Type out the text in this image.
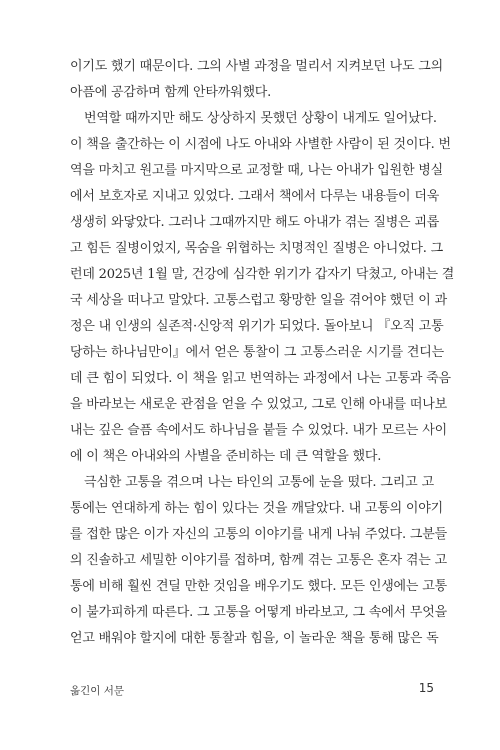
이기도 했기 때문이다. 그의 사별 과정을 멀리서 지켜보던 나도 그의
아픔에 공감하며 함께 안타까워했다.
번역할 때까지만 해도 상상하지 못했던 상황이 내게도 일어났다.
이 책을 출간하는 이 시점에 나도 아내와 사별한 사람이 된 것이다. 번
역을 마치고 원고를 마지막으로 교정할 때, 나는 아내가 입원한 병실
에서 보호자로 지내고 있었다. 그래서 책에서 다루는 내용들이 더욱
생생히 와닿았다. 그러나 그때까지만 해도 아내가 겪는 질병은 괴롭
고 힘든 질병이었지, 목숨을 위협하는 치명적인 질병은 아니었다. 그
런데 2025년 1월 말, 건강에 심각한 위기가 갑자기 닥쳤고, 아내는 결
국 세상을 떠나고 말았다. 고통스럽고 황망한 일을 겪어야 했던 이 과
정은 내 인생의 실존적·신앙적 위기가 되었다. 돌아보니 『오직 고통
당하는 하나님만이』에서 얻은 통찰이 그 고통스러운 시기를 견디는
데 큰 힘이 되었다. 이 책을 읽고 번역하는 과정에서 나는 고통과 죽음
을 바라보는 새로운 관점을 얻을 수 있었고, 그로 인해 아내를 떠나보
내는 깊은 슬픔 속에서도 하나님을 붙들 수 있었다. 내가 모르는 사이
에 이 책은 아내와의 사별을 준비하는 데 큰 역할을 했다.
극심한 고통을 겪으며 나는 타인의 고통에 눈을 떴다. 그리고 고
통에는 연대하게 하는 힘이 있다는 것을 깨달았다. 내 고통의 이야기
를 접한 많은 이가 자신의 고통의 이야기를 내게 나눠 주었다. 그분들
의 진솔하고 세밀한 이야기를 접하며, 함께 겪는 고통은 혼자 겪는 고
통에 비해 훨씬 견딜 만한 것임을 배우기도 했다. 모든 인생에는 고통
이 불가피하게 따른다. 그 고통을 어떻게 바라보고, 그 속에서 무엇을
얻고 배워야 할지에 대한 통찰과 힘을, 이 놀라운 책을 통해 많은 독
옮긴이 서문	15
